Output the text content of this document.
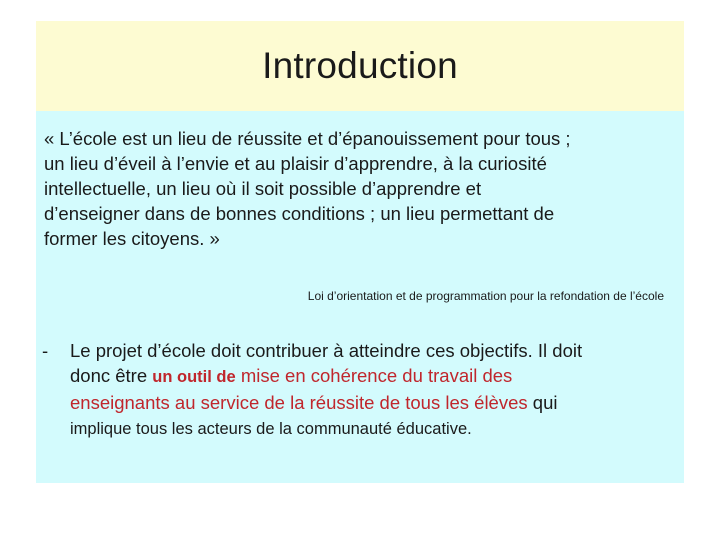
Introduction
« L’école est un lieu de réussite et d’épanouissement pour tous ;
un lieu d’éveil à l’envie et au plaisir d’apprendre, à la curiosité
intellectuelle, un lieu où il soit possible d’apprendre et
d’enseigner dans de bonnes conditions ; un lieu permettant de
former les citoyens. »
Loi d’orientation et de programmation pour la refondation de l’école
- Le projet d’école doit contribuer à atteindre ces objectifs. Il doit
donc être un outil de mise en cohérence du travail des
enseignants au service de la réussite de tous les élèves qui
implique tous les acteurs de la communauté éducative.
